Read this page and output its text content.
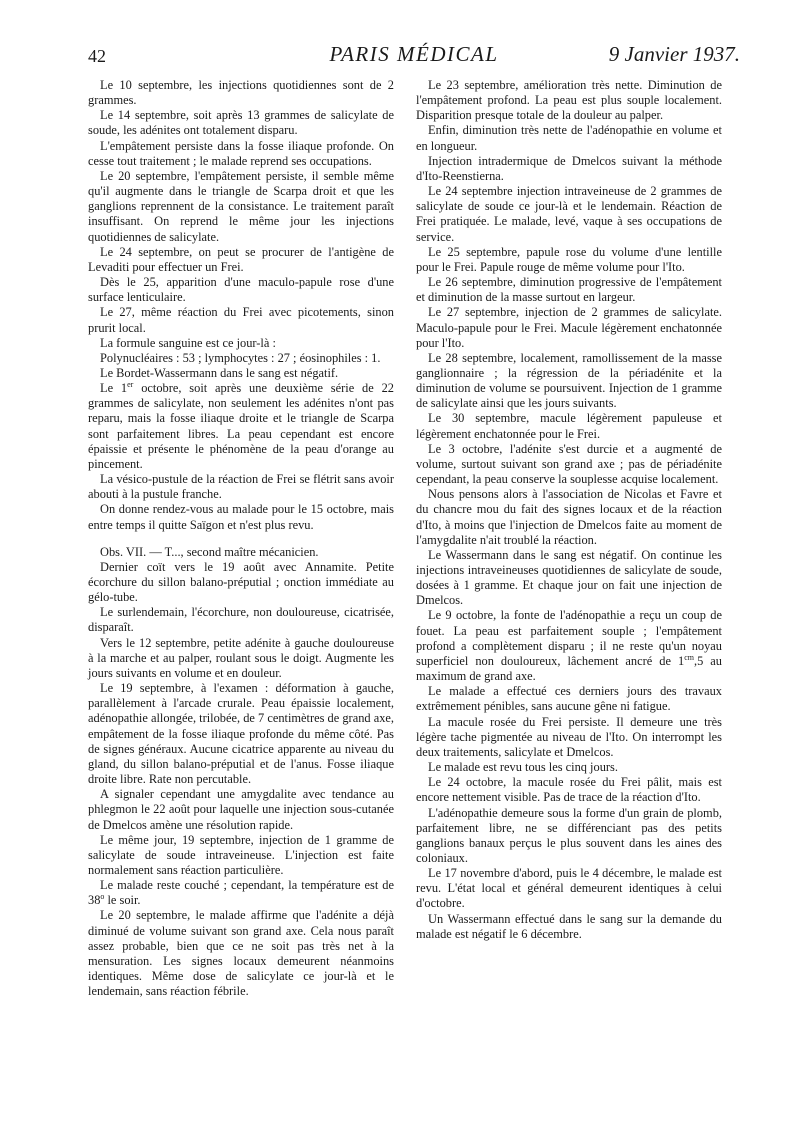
42	PARIS MÉDICAL	9 Janvier 1937.

Le 10 septembre, les injections quotidiennes sont de 2 grammes.

Le 14 septembre, soit après 13 grammes de salicylate de soude, les adénites ont totalement disparu.

L'empâtement persiste dans la fosse iliaque profonde. On cesse tout traitement ; le malade reprend ses occupations.

Le 20 septembre, l'empâtement persiste, il semble même qu'il augmente dans le triangle de Scarpa droit et que les ganglions reprennent de la consistance. Le traitement paraît insuffisant. On reprend le même jour les injections quotidiennes de salicylate.

Le 24 septembre, on peut se procurer de l'antigène de Levaditi pour effectuer un Frei.

Dès le 25, apparition d'une maculo-papule rose d'une surface lenticulaire.

Le 27, même réaction du Frei avec picotements, sinon prurit local.

La formule sanguine est ce jour-là :

Polynucléaires : 53 ; lymphocytes : 27 ; éosinophiles : 1.

Le Bordet-Wassermann dans le sang est négatif.

Le 1er octobre, soit après une deuxième série de 22 grammes de salicylate, non seulement les adénites n'ont pas reparu, mais la fosse iliaque droite et le triangle de Scarpa sont parfaitement libres. La peau cependant est encore épaissie et présente le phénomène de la peau d'orange au pincement.

La vésico-pustule de la réaction de Frei se flétrit sans avoir abouti à la pustule franche.

On donne rendez-vous au malade pour le 15 octobre, mais entre temps il quitte Saïgon et n'est plus revu.

Obs. VII. — T..., second maître mécanicien.

Dernier coït vers le 19 août avec Annamite. Petite écorchure du sillon balano-préputial ; onction immédiate au gélo-tube.

Le surlendemain, l'écorchure, non douloureuse, cicatrisée, disparaît.

Vers le 12 septembre, petite adénite à gauche douloureuse à la marche et au palper, roulant sous le doigt. Augmente les jours suivants en volume et en douleur.

Le 19 septembre, à l'examen : déformation à gauche, parallèlement à l'arcade crurale. Peau épaissie localement, adénopathie allongée, trilobée, de 7 centimètres de grand axe, empâtement de la fosse iliaque profonde du même côté. Pas de signes généraux. Aucune cicatrice apparente au niveau du gland, du sillon balano-préputial et de l'anus. Fosse iliaque droite libre. Rate non percutable.

A signaler cependant une amygdalite avec tendance au phlegmon le 22 août pour laquelle une injection sous-cutanée de Dmelcos amène une résolution rapide.

Le même jour, 19 septembre, injection de 1 gramme de salicylate de soude intraveineuse. L'injection est faite normalement sans réaction particulière.

Le malade reste couché ; cependant, la température est de 38$^o$ le soir.

Le 20 septembre, le malade affirme que l'adénite a déjà diminué de volume suivant son grand axe. Cela nous paraît assez probable, bien que ce ne soit pas très net à la mensuration. Les signes locaux demeurent néanmoins identiques. Même dose de salicylate ce jour-là et le lendemain, sans réaction fébrile.

Le 23 septembre, amélioration très nette. Diminution de l'empâtement profond. La peau est plus souple localement. Disparition presque totale de la douleur au palper.

Enfin, diminution très nette de l'adénopathie en volume et en longueur.

Injection intradermique de Dmelcos suivant la méthode d'Ito-Reenstierna.

Le 24 septembre injection intraveineuse de 2 grammes de salicylate de soude ce jour-là et le lendemain. Réaction de Frei pratiquée. Le malade, levé, vaque à ses occupations de service.

Le 25 septembre, papule rose du volume d'une lentille pour le Frei. Papule rouge de même volume pour l'Ito.

Le 26 septembre, diminution progressive de l'empâtement et diminution de la masse surtout en largeur.

Le 27 septembre, injection de 2 grammes de salicylate. Maculo-papule pour le Frei. Macule légèrement enchatonnée pour l'Ito.

Le 28 septembre, localement, ramollissement de la masse ganglionnaire ; la régression de la périadénite et la diminution de volume se poursuivent. Injection de 1 gramme de salicylate ainsi que les jours suivants.

Le 30 septembre, macule légèrement papuleuse et légèrement enchatonnée pour le Frei.

Le 3 octobre, l'adénite s'est durcie et a augmenté de volume, surtout suivant son grand axe ; pas de périadénite cependant, la peau conserve la souplesse acquise localement.

Nous pensons alors à l'association de Nicolas et Favre et du chancre mou du fait des signes locaux et de la réaction d'Ito, à moins que l'injection de Dmelcos faite au moment de l'amygdalite n'ait troublé la réaction.

Le Wassermann dans le sang est négatif. On continue les injections intraveineuses quotidiennes de salicylate de soude, dosées à 1 gramme. Et chaque jour on fait une injection de Dmelcos.

Le 9 octobre, la fonte de l'adénopathie a reçu un coup de fouet. La peau est parfaitement souple ; l'empâtement profond a complètement disparu ; il ne reste qu'un noyau superficiel non douloureux, lâchement ancré de $1^{cm},5$ au maximum de grand axe.

Le malade a effectué ces derniers jours des travaux extrêmement pénibles, sans aucune gêne ni fatigue.

La macule rosée du Frei persiste. Il demeure une très légère tache pigmentée au niveau de l'Ito. On interrompt les deux traitements, salicylate et Dmelcos.

Le malade est revu tous les cinq jours.

Le 24 octobre, la macule rosée du Frei pâlit, mais est encore nettement visible. Pas de trace de la réaction d'Ito.

L'adénopathie demeure sous la forme d'un grain de plomb, parfaitement libre, ne se différenciant pas des petits ganglions banaux perçus le plus souvent dans les aines des coloniaux.

Le 17 novembre d'abord, puis le 4 décembre, le malade est revu. L'état local et général demeurent identiques à celui d'octobre.

Un Wassermann effectué dans le sang sur la demande du malade est négatif le 6 décembre.
